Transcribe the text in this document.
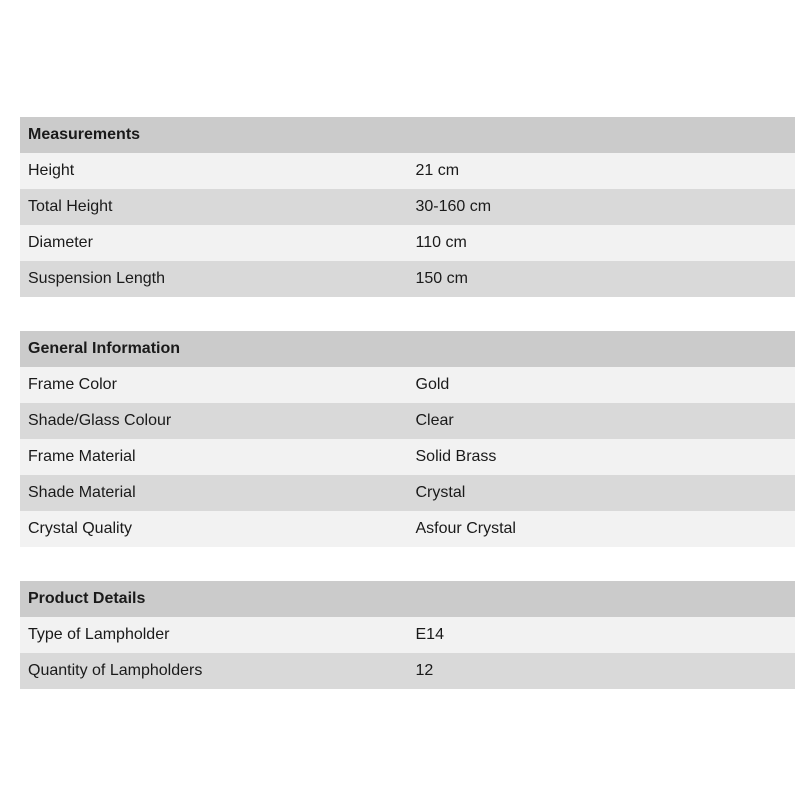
Measurements	
Height	21 cm
Total Height	30-160 cm
Diameter	110 cm
Suspension Length	150 cm
General Information	
Frame Color	Gold
Shade/Glass Colour	Clear
Frame Material	Solid Brass
Shade Material	Crystal
Crystal Quality	Asfour Crystal
Product Details	
Type of Lampholder	E14
Quantity of Lampholders	12
